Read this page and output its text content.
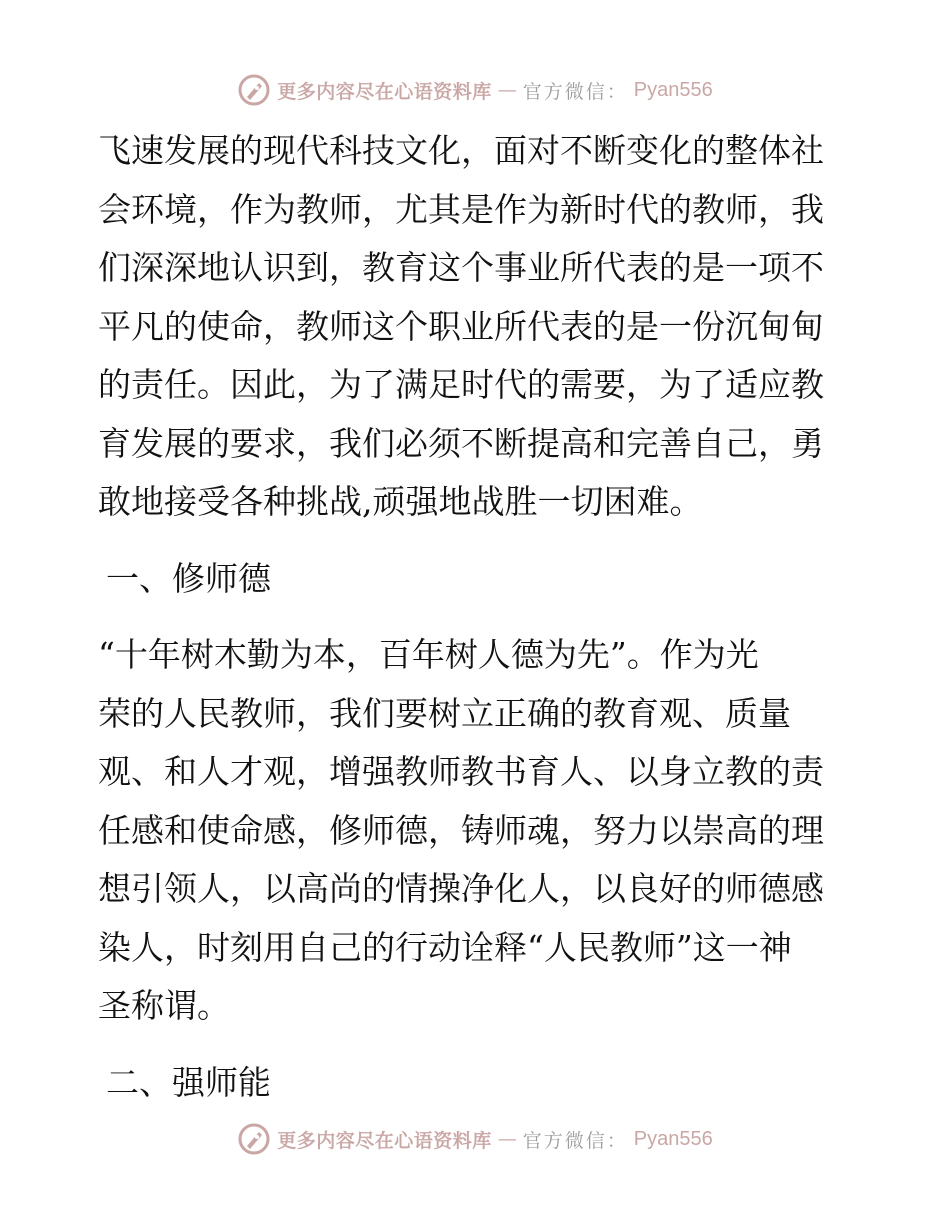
更多内容尽在心语资料库 — 官方微信： Pyan556

飞速发展的现代科技文化，面对不断变化的整体社
会环境，作为教师，尤其是作为新时代的教师，我
们深深地认识到，教育这个事业所代表的是一项不
平凡的使命，教师这个职业所代表的是一份沉甸甸
的责任。因此，为了满足时代的需要，为了适应教
育发展的要求，我们必须不断提高和完善自己，勇
敢地接受各种挑战,顽强地战胜一切困难。

一、修师德

“十年树木勤为本，百年树人德为先”。作为光
荣的人民教师，我们要树立正确的教育观、质量
观、和人才观，增强教师教书育人、以身立教的责
任感和使命感，修师德，铸师魂，努力以崇高的理
想引领人，以高尚的情操净化人，以良好的师德感
染人，时刻用自己的行动诠释“人民教师”这一神
圣称谓。

二、强师能
更多内容尽在心语资料库 — 官方微信： Pyan556
